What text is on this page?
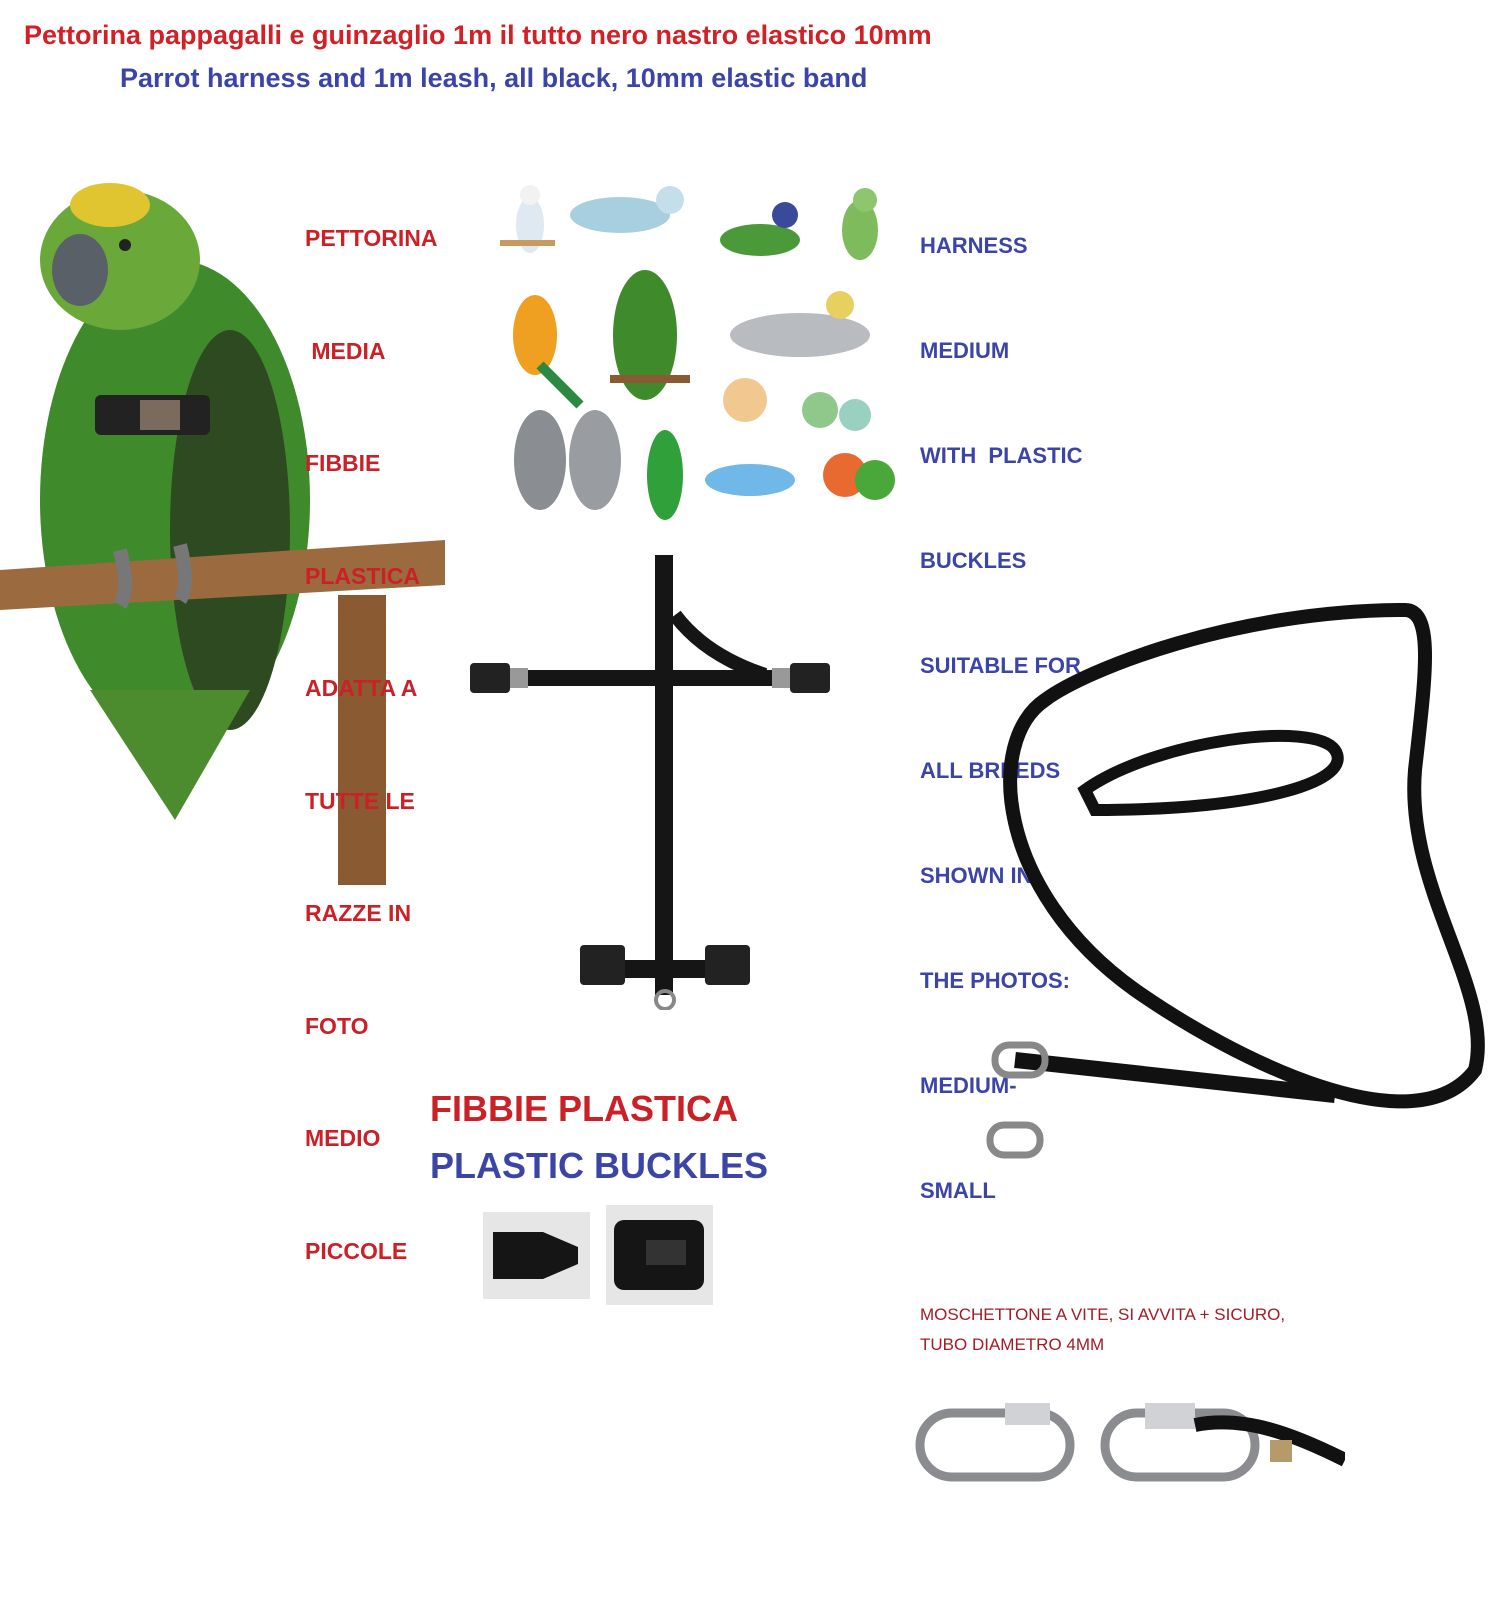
Pettorina pappagalli e guinzaglio 1m il tutto nero nastro elastico 10mm
Parrot harness and 1m leash, all black, 10mm elastic band

PETTORINA

MEDIA

FIBBIE

PLASTICA

ADATTA A

TUTTE LE

RAZZE IN

FOTO

MEDIO

PICCOLE

HARNESS

MEDIUM

WITH  PLASTIC

BUCKLES

SUITABLE FOR

ALL BREEDS

SHOWN IN

THE PHOTOS:

MEDIUM-

SMALL

FIBBIE PLASTICA
PLASTIC BUCKLES
MOSCHETTONE A VITE, SI AVVITA + SICURO,
TUBO DIAMETRO 4MM
